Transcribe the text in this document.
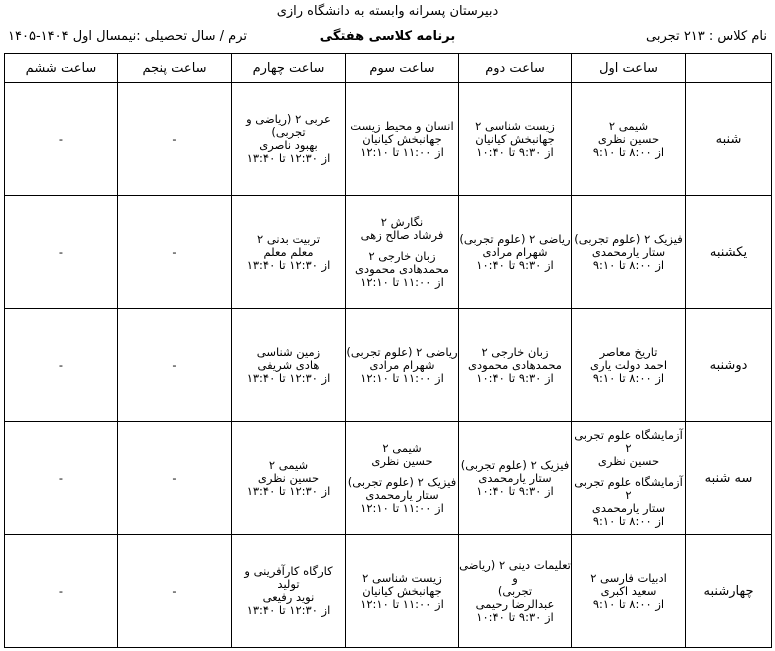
دبیرستان پسرانه وابسته به دانشگاه رازی
نام کلاس : ۲۱۳ تجربی
برنامه کلاسی هفتگی
ترم / سال تحصیلی :نیمسال اول ۱۴۰۴-۱۴۰۵
	ساعت اول	ساعت دوم	ساعت سوم	ساعت چهارم	ساعت پنجم	ساعت ششم
شنبه	شیمی ۲
حسین نظری
از ۸:۰۰ تا ۹:۱۰	زیست شناسی ۲
جهانبخش کیانیان
از ۹:۳۰ تا ۱۰:۴۰	انسان و محیط زیست
جهانبخش کیانیان
از ۱۱:۰۰ تا ۱۲:۱۰	عربی ۲ (ریاضی و تجربی)
بهبود ناصری
از ۱۲:۳۰ تا ۱۳:۴۰	-	-

یکشنبه	فیزیک ۲ (علوم تجربی)
ستار یارمحمدی
از ۸:۰۰ تا ۹:۱۰	ریاضی ۲ (علوم تجربی)
شهرام مرادی
از ۹:۳۰ تا ۱۰:۴۰	نگارش ۲
فرشاد صالح زهی
زبان خارجی ۲
محمدهادی محمودی
از ۱۱:۰۰ تا ۱۲:۱۰	تربیت بدنی ۲
معلم معلم
از ۱۲:۳۰ تا ۱۳:۴۰	-	-

دوشنبه	تاریخ معاصر
احمد دولت یاری
از ۸:۰۰ تا ۹:۱۰	زبان خارجی ۲
محمدهادی محمودی
از ۹:۳۰ تا ۱۰:۴۰	ریاضی ۲ (علوم تجربی)
شهرام مرادی
از ۱۱:۰۰ تا ۱۲:۱۰	زمین شناسی
هادی شریفی
از ۱۲:۳۰ تا ۱۳:۴۰	-	-

سه شنبه	آزمایشگاه علوم تجربی ۲
حسین نظری
آزمایشگاه علوم تجربی ۲
ستار یارمحمدی
از ۸:۰۰ تا ۹:۱۰	فیزیک ۲ (علوم تجربی)
ستار یارمحمدی
از ۹:۳۰ تا ۱۰:۴۰	شیمی ۲
حسین نظری
فیزیک ۲ (علوم تجربی)
ستار یارمحمدی
از ۱۱:۰۰ تا ۱۲:۱۰	شیمی ۲
حسین نظری
از ۱۲:۳۰ تا ۱۳:۴۰	-	-

چهارشنبه	ادبیات فارسی ۲
سعید اکبری
از ۸:۰۰ تا ۹:۱۰	تعلیمات دینی ۲ (ریاضی و
تجربی)
عبدالرضا رحیمی
از ۹:۳۰ تا ۱۰:۴۰	زیست شناسی ۲
جهانبخش کیانیان
از ۱۱:۰۰ تا ۱۲:۱۰	کارگاه کارآفرینی و تولید
نوید رفیعی
از ۱۲:۳۰ تا ۱۳:۴۰	-	-
